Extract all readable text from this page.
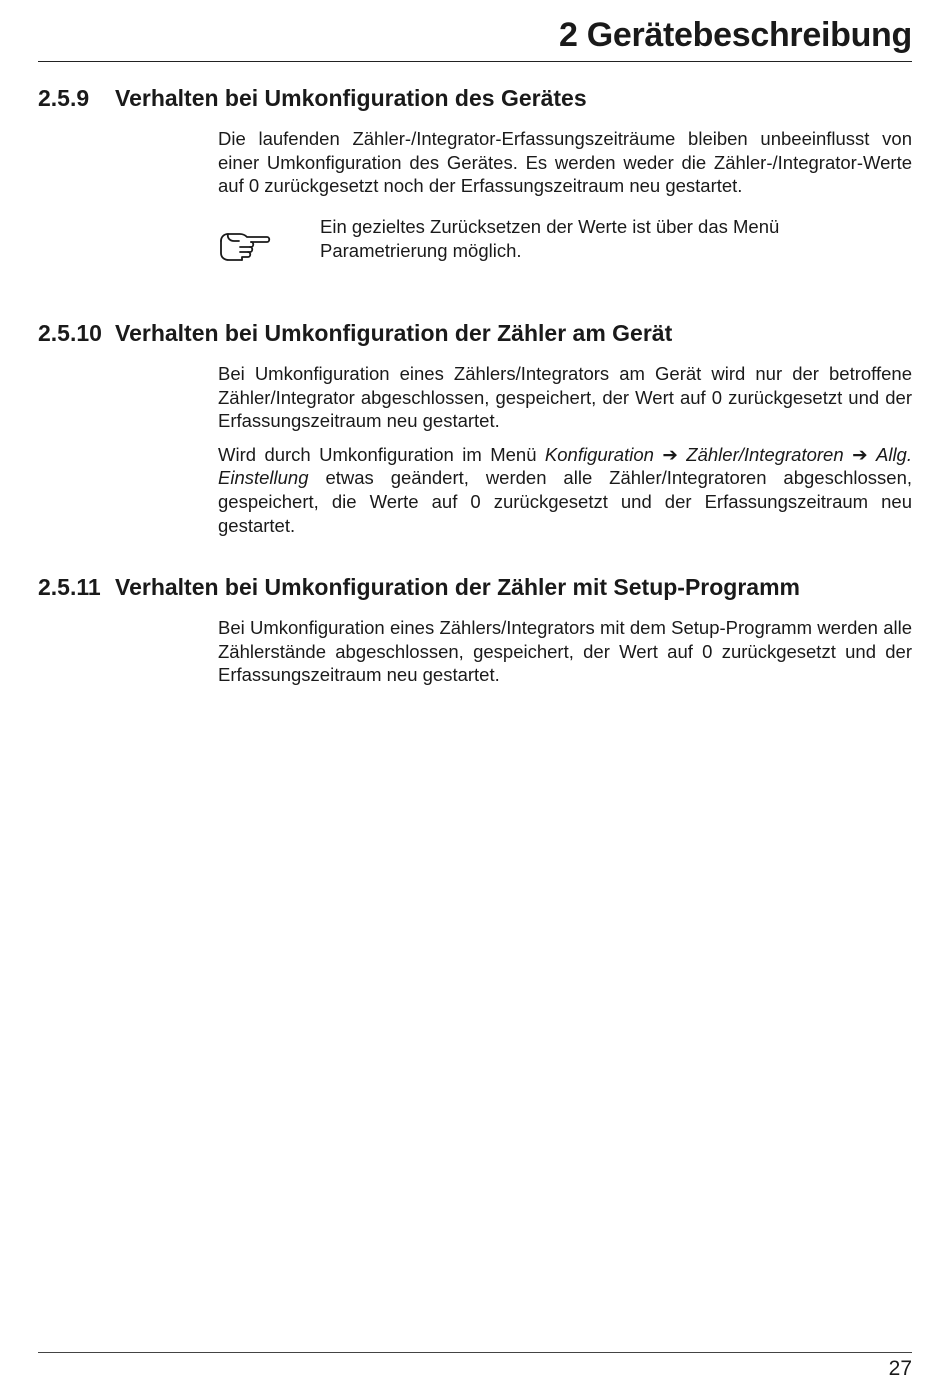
2 Gerätebeschreibung
2.5.9 Verhalten bei Umkonfiguration des Gerätes

Die laufenden Zähler-/Integrator-Erfassungszeiträume bleiben unbeeinflusst von einer Umkonfiguration des Gerätes. Es werden weder die Zähler-/Integrator-Werte auf 0 zurückgesetzt noch der Erfassungszeitraum neu gestartet.

Ein gezieltes Zurücksetzen der Werte ist über das Menü Parametrierung möglich.
2.5.10 Verhalten bei Umkonfiguration der Zähler am Gerät

Bei Umkonfiguration eines Zählers/Integrators am Gerät wird nur der betroffene Zähler/Integrator abgeschlossen, gespeichert, der Wert auf 0 zurückgesetzt und der Erfassungszeitraum neu gestartet.

Wird durch Umkonfiguration im Menü Konfiguration ➔ Zähler/Integratoren ➔ Allg. Einstellung etwas geändert, werden alle Zähler/Integratoren abgeschlossen, gespeichert, die Werte auf 0 zurückgesetzt und der Erfassungszeitraum neu gestartet.

2.5.11 Verhalten bei Umkonfiguration der Zähler mit Setup-Programm

Bei Umkonfiguration eines Zählers/Integrators mit dem Setup-Programm werden alle Zählerstände abgeschlossen, gespeichert, der Wert auf 0 zurückgesetzt und der Erfassungszeitraum neu gestartet.

27
